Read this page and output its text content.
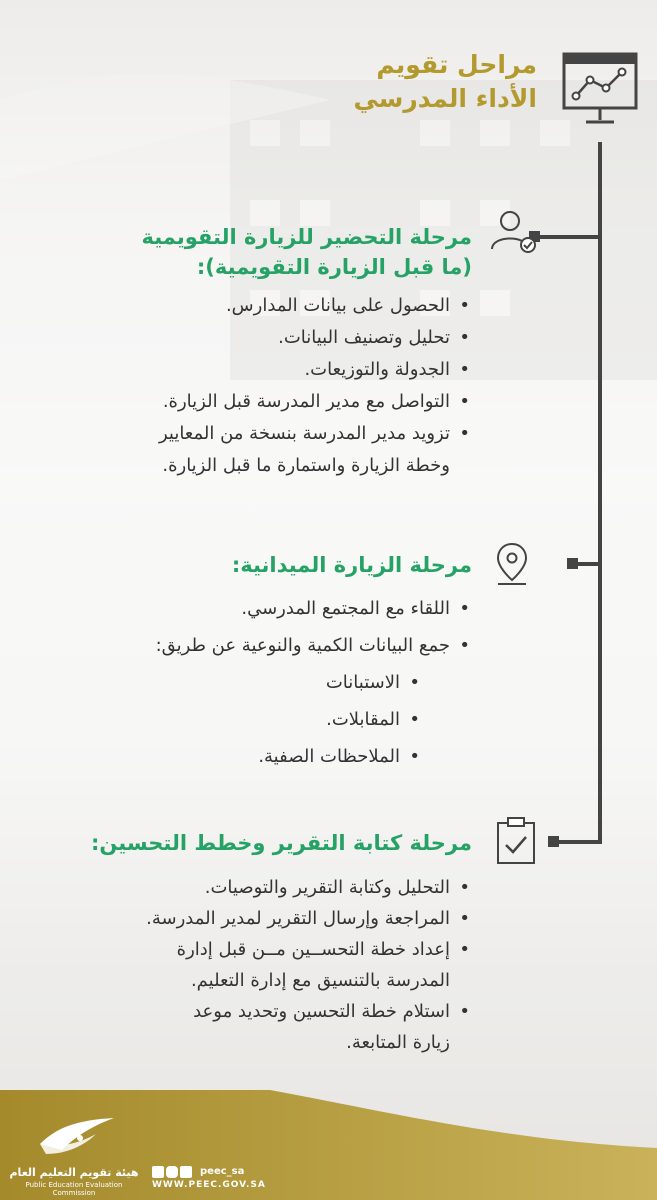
مراحل تقويم
الأداء المدرسي
مرحلة التحضير للزيارة التقويمية
(ما قبل الزيارة التقويمية):
• الحصول على بيانات المدارس.
• تحليل وتصنيف البيانات.
• الجدولة والتوزيعات.
• التواصل مع مدير المدرسة قبل الزيارة.
• تزويد مدير المدرسة بنسخة من المعايير
وخطة الزيارة واستمارة ما قبل الزيارة.
مرحلة الزيارة الميدانية:
• اللقاء مع المجتمع المدرسي.
• جمع البيانات الكمية والنوعية عن طريق:
• الاستبانات
• المقابلات.
• الملاحظات الصفية.
مرحلة كتابة التقرير وخطط التحسين:
• التحليل وكتابة التقرير والتوصيات.
• المراجعة وإرسال التقرير لمدير المدرسة.
• إعداد خطة التحســين مــن قبل إدارة
المدرسة بالتنسيق مع إدارة التعليم.
• استلام خطة التحسين وتحديد موعد
زيارة المتابعة.
هيئة تقويم التعليم العام
Public Education Evaluation Commission
peec_sa
WWW.PEEC.GOV.SA
